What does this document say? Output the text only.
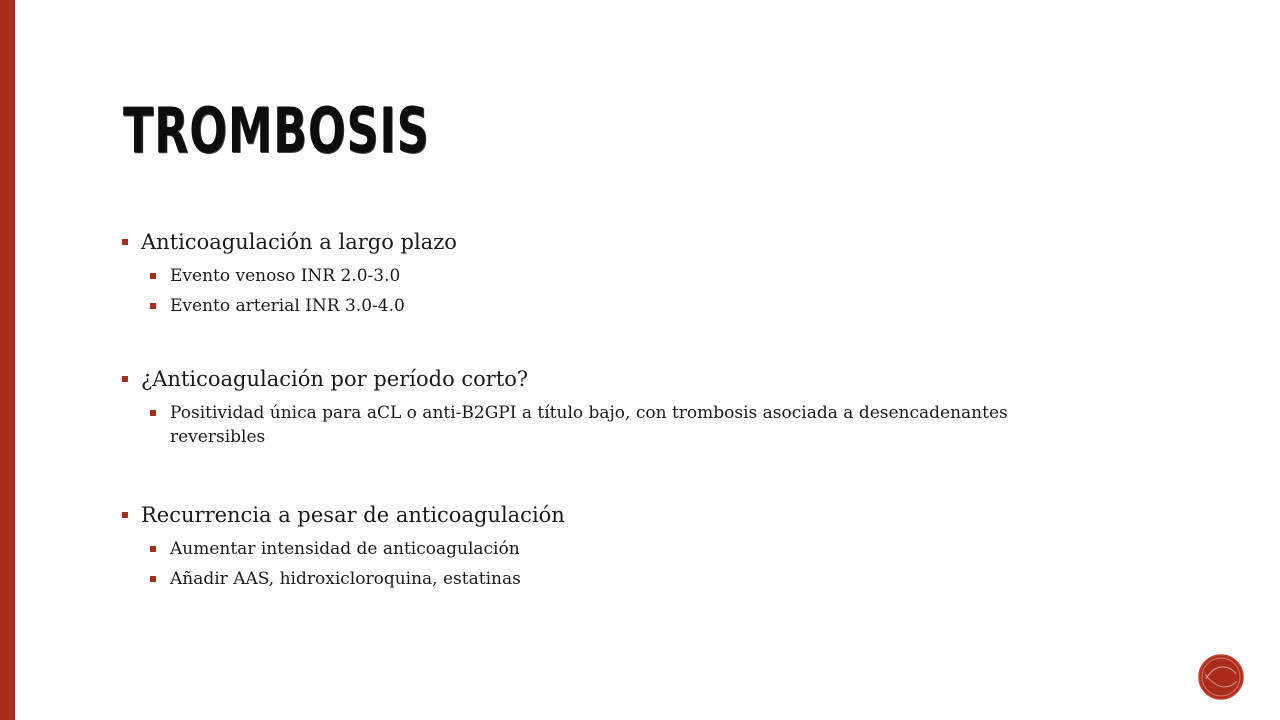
TROMBOSIS
Anticoagulación a largo plazo
Evento venoso INR 2.0-3.0
Evento arterial INR 3.0-4.0
¿Anticoagulación por período corto?
Positividad única para aCL o anti-B2GPI a título bajo, con trombosis asociada a desencadenantes reversibles
Recurrencia a pesar de anticoagulación
Aumentar intensidad de anticoagulación
Añadir AAS, hidroxicloroquina, estatinas
